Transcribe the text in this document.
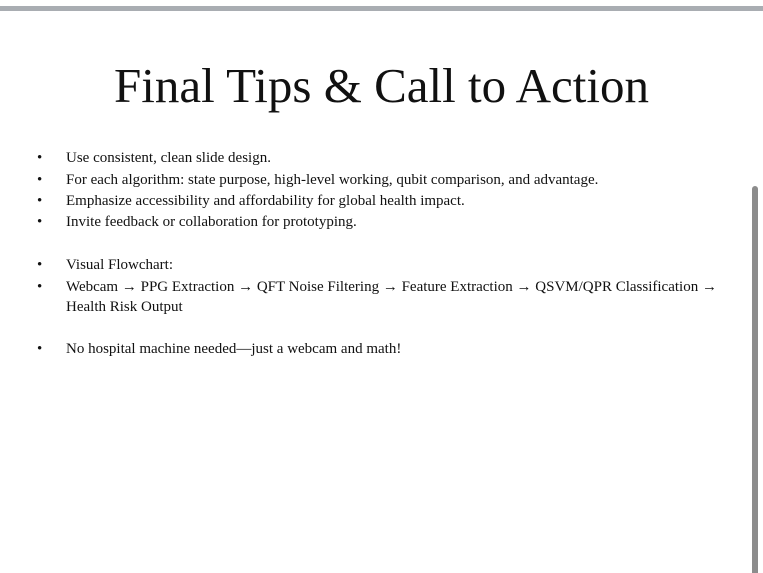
Final Tips & Call to Action
•	Use consistent, clean slide design.
•	For each algorithm: state purpose, high-level working, qubit comparison, and advantage.
•	Emphasize accessibility and affordability for global health impact.
•	Invite feedback or collaboration for prototyping.
•	Visual Flowchart:
•	Webcam → PPG Extraction → QFT Noise Filtering → Feature Extraction → QSVM/QPR Classification → Health Risk Output
•	No hospital machine needed—just a webcam and math!
